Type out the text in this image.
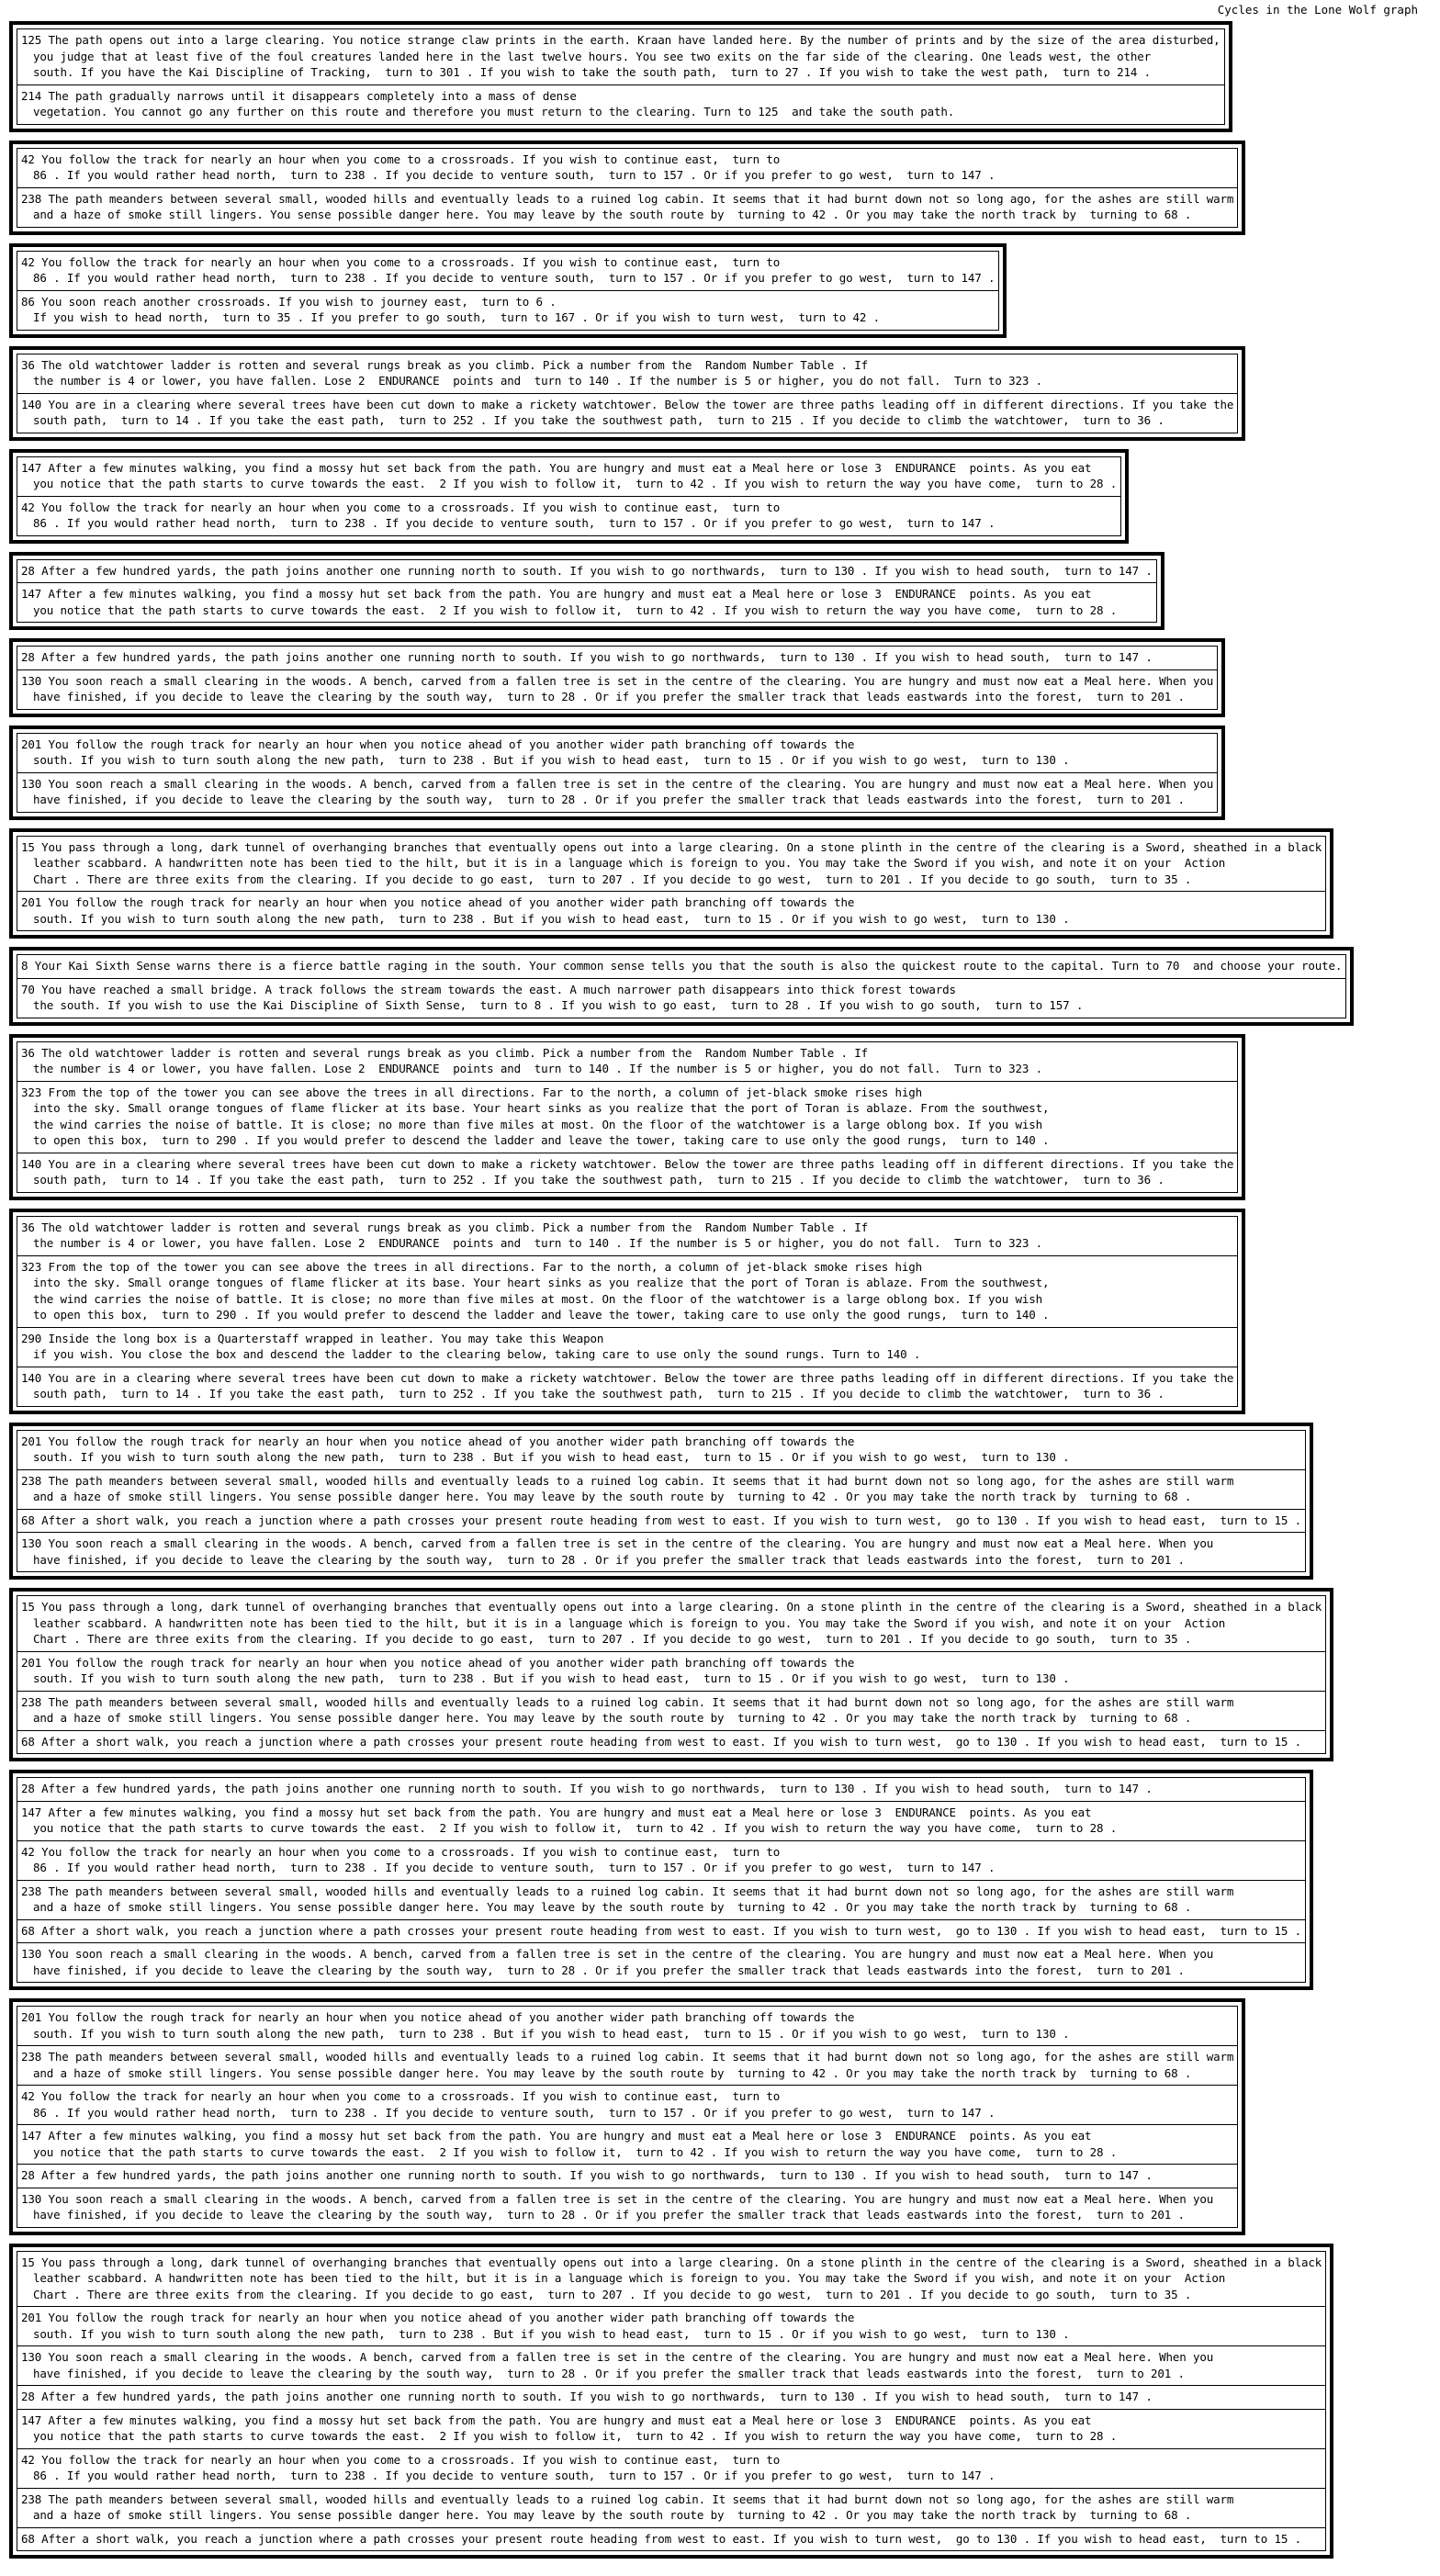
Cycles in the Lone Wolf graph
125 The path opens out into a large clearing. You notice strange claw prints in the earth. Kraan have landed here. By the number of prints and by the size of the area disturbed,
you judge that at least five of the foul creatures landed here in the last twelve hours. You see two exits on the far side of the clearing. One leads west, the other
south. If you have the Kai Discipline of Tracking,  turn to 301 . If you wish to take the south path,  turn to 27 . If you wish to take the west path,  turn to 214 .
214 The path gradually narrows until it disappears completely into a mass of dense
vegetation. You cannot go any further on this route and therefore you must return to the clearing. Turn to 125  and take the south path.
42 You follow the track for nearly an hour when you come to a crossroads. If you wish to continue east,  turn to
86 . If you would rather head north,  turn to 238 . If you decide to venture south,  turn to 157 . Or if you prefer to go west,  turn to 147 .
238 The path meanders between several small, wooded hills and eventually leads to a ruined log cabin. It seems that it had burnt down not so long ago, for the ashes are still warm
and a haze of smoke still lingers. You sense possible danger here. You may leave by the south route by  turning to 42 . Or you may take the north track by  turning to 68 .
42 You follow the track for nearly an hour when you come to a crossroads. If you wish to continue east,  turn to
86 . If you would rather head north,  turn to 238 . If you decide to venture south,  turn to 157 . Or if you prefer to go west,  turn to 147 .
86 You soon reach another crossroads. If you wish to journey east,  turn to 6 .
If you wish to head north,  turn to 35 . If you prefer to go south,  turn to 167 . Or if you wish to turn west,  turn to 42 .
36 The old watchtower ladder is rotten and several rungs break as you climb. Pick a number from the  Random Number Table . If
the number is 4 or lower, you have fallen. Lose 2  ENDURANCE  points and  turn to 140 . If the number is 5 or higher, you do not fall.  Turn to 323 .
140 You are in a clearing where several trees have been cut down to make a rickety watchtower. Below the tower are three paths leading off in different directions. If you take the
south path,  turn to 14 . If you take the east path,  turn to 252 . If you take the southwest path,  turn to 215 . If you decide to climb the watchtower,  turn to 36 .
147 After a few minutes walking, you find a mossy hut set back from the path. You are hungry and must eat a Meal here or lose 3  ENDURANCE  points. As you eat
you notice that the path starts to curve towards the east.  2 If you wish to follow it,  turn to 42 . If you wish to return the way you have come,  turn to 28 .
42 You follow the track for nearly an hour when you come to a crossroads. If you wish to continue east,  turn to
86 . If you would rather head north,  turn to 238 . If you decide to venture south,  turn to 157 . Or if you prefer to go west,  turn to 147 .
28 After a few hundred yards, the path joins another one running north to south. If you wish to go northwards,  turn to 130 . If you wish to head south,  turn to 147 .
147 After a few minutes walking, you find a mossy hut set back from the path. You are hungry and must eat a Meal here or lose 3  ENDURANCE  points. As you eat
you notice that the path starts to curve towards the east.  2 If you wish to follow it,  turn to 42 . If you wish to return the way you have come,  turn to 28 .
28 After a few hundred yards, the path joins another one running north to south. If you wish to go northwards,  turn to 130 . If you wish to head south,  turn to 147 .
130 You soon reach a small clearing in the woods. A bench, carved from a fallen tree is set in the centre of the clearing. You are hungry and must now eat a Meal here. When you
have finished, if you decide to leave the clearing by the south way,  turn to 28 . Or if you prefer the smaller track that leads eastwards into the forest,  turn to 201 .
201 You follow the rough track for nearly an hour when you notice ahead of you another wider path branching off towards the
south. If you wish to turn south along the new path,  turn to 238 . But if you wish to head east,  turn to 15 . Or if you wish to go west,  turn to 130 .
130 You soon reach a small clearing in the woods. A bench, carved from a fallen tree is set in the centre of the clearing. You are hungry and must now eat a Meal here. When you
have finished, if you decide to leave the clearing by the south way,  turn to 28 . Or if you prefer the smaller track that leads eastwards into the forest,  turn to 201 .
15 You pass through a long, dark tunnel of overhanging branches that eventually opens out into a large clearing. On a stone plinth in the centre of the clearing is a Sword, sheathed in a black
leather scabbard. A handwritten note has been tied to the hilt, but it is in a language which is foreign to you. You may take the Sword if you wish, and note it on your  Action
Chart . There are three exits from the clearing. If you decide to go east,  turn to 207 . If you decide to go west,  turn to 201 . If you decide to go south,  turn to 35 .
201 You follow the rough track for nearly an hour when you notice ahead of you another wider path branching off towards the
south. If you wish to turn south along the new path,  turn to 238 . But if you wish to head east,  turn to 15 . Or if you wish to go west,  turn to 130 .
8 Your Kai Sixth Sense warns there is a fierce battle raging in the south. Your common sense tells you that the south is also the quickest route to the capital. Turn to 70  and choose your route.
70 You have reached a small bridge. A track follows the stream towards the east. A much narrower path disappears into thick forest towards
the south. If you wish to use the Kai Discipline of Sixth Sense,  turn to 8 . If you wish to go east,  turn to 28 . If you wish to go south,  turn to 157 .
36 The old watchtower ladder is rotten and several rungs break as you climb. Pick a number from the  Random Number Table . If
the number is 4 or lower, you have fallen. Lose 2  ENDURANCE  points and  turn to 140 . If the number is 5 or higher, you do not fall.  Turn to 323 .
323 From the top of the tower you can see above the trees in all directions. Far to the north, a column of jet-black smoke rises high
into the sky. Small orange tongues of flame flicker at its base. Your heart sinks as you realize that the port of Toran is ablaze. From the southwest,
the wind carries the noise of battle. It is close; no more than five miles at most. On the floor of the watchtower is a large oblong box. If you wish
to open this box,  turn to 290 . If you would prefer to descend the ladder and leave the tower, taking care to use only the good rungs,  turn to 140 .
140 You are in a clearing where several trees have been cut down to make a rickety watchtower. Below the tower are three paths leading off in different directions. If you take the
south path,  turn to 14 . If you take the east path,  turn to 252 . If you take the southwest path,  turn to 215 . If you decide to climb the watchtower,  turn to 36 .
36 The old watchtower ladder is rotten and several rungs break as you climb. Pick a number from the  Random Number Table . If
the number is 4 or lower, you have fallen. Lose 2  ENDURANCE  points and  turn to 140 . If the number is 5 or higher, you do not fall.  Turn to 323 .
323 From the top of the tower you can see above the trees in all directions. Far to the north, a column of jet-black smoke rises high
into the sky. Small orange tongues of flame flicker at its base. Your heart sinks as you realize that the port of Toran is ablaze. From the southwest,
the wind carries the noise of battle. It is close; no more than five miles at most. On the floor of the watchtower is a large oblong box. If you wish
to open this box,  turn to 290 . If you would prefer to descend the ladder and leave the tower, taking care to use only the good rungs,  turn to 140 .
290 Inside the long box is a Quarterstaff wrapped in leather. You may take this Weapon
if you wish. You close the box and descend the ladder to the clearing below, taking care to use only the sound rungs. Turn to 140 .
140 You are in a clearing where several trees have been cut down to make a rickety watchtower. Below the tower are three paths leading off in different directions. If you take the
south path,  turn to 14 . If you take the east path,  turn to 252 . If you take the southwest path,  turn to 215 . If you decide to climb the watchtower,  turn to 36 .
201 You follow the rough track for nearly an hour when you notice ahead of you another wider path branching off towards the
south. If you wish to turn south along the new path,  turn to 238 . But if you wish to head east,  turn to 15 . Or if you wish to go west,  turn to 130 .
238 The path meanders between several small, wooded hills and eventually leads to a ruined log cabin. It seems that it had burnt down not so long ago, for the ashes are still warm
and a haze of smoke still lingers. You sense possible danger here. You may leave by the south route by  turning to 42 . Or you may take the north track by  turning to 68 .
68 After a short walk, you reach a junction where a path crosses your present route heading from west to east. If you wish to turn west,  go to 130 . If you wish to head east,  turn to 15 .
130 You soon reach a small clearing in the woods. A bench, carved from a fallen tree is set in the centre of the clearing. You are hungry and must now eat a Meal here. When you
have finished, if you decide to leave the clearing by the south way,  turn to 28 . Or if you prefer the smaller track that leads eastwards into the forest,  turn to 201 .
15 You pass through a long, dark tunnel of overhanging branches that eventually opens out into a large clearing. On a stone plinth in the centre of the clearing is a Sword, sheathed in a black
leather scabbard. A handwritten note has been tied to the hilt, but it is in a language which is foreign to you. You may take the Sword if you wish, and note it on your  Action
Chart . There are three exits from the clearing. If you decide to go east,  turn to 207 . If you decide to go west,  turn to 201 . If you decide to go south,  turn to 35 .
201 You follow the rough track for nearly an hour when you notice ahead of you another wider path branching off towards the
south. If you wish to turn south along the new path,  turn to 238 . But if you wish to head east,  turn to 15 . Or if you wish to go west,  turn to 130 .
238 The path meanders between several small, wooded hills and eventually leads to a ruined log cabin. It seems that it had burnt down not so long ago, for the ashes are still warm
and a haze of smoke still lingers. You sense possible danger here. You may leave by the south route by  turning to 42 . Or you may take the north track by  turning to 68 .
68 After a short walk, you reach a junction where a path crosses your present route heading from west to east. If you wish to turn west,  go to 130 . If you wish to head east,  turn to 15 .
28 After a few hundred yards, the path joins another one running north to south. If you wish to go northwards,  turn to 130 . If you wish to head south,  turn to 147 .
147 After a few minutes walking, you find a mossy hut set back from the path. You are hungry and must eat a Meal here or lose 3  ENDURANCE  points. As you eat
you notice that the path starts to curve towards the east.  2 If you wish to follow it,  turn to 42 . If you wish to return the way you have come,  turn to 28 .
42 You follow the track for nearly an hour when you come to a crossroads. If you wish to continue east,  turn to
86 . If you would rather head north,  turn to 238 . If you decide to venture south,  turn to 157 . Or if you prefer to go west,  turn to 147 .
238 The path meanders between several small, wooded hills and eventually leads to a ruined log cabin. It seems that it had burnt down not so long ago, for the ashes are still warm
and a haze of smoke still lingers. You sense possible danger here. You may leave by the south route by  turning to 42 . Or you may take the north track by  turning to 68 .
68 After a short walk, you reach a junction where a path crosses your present route heading from west to east. If you wish to turn west,  go to 130 . If you wish to head east,  turn to 15 .
130 You soon reach a small clearing in the woods. A bench, carved from a fallen tree is set in the centre of the clearing. You are hungry and must now eat a Meal here. When you
have finished, if you decide to leave the clearing by the south way,  turn to 28 . Or if you prefer the smaller track that leads eastwards into the forest,  turn to 201 .
201 You follow the rough track for nearly an hour when you notice ahead of you another wider path branching off towards the
south. If you wish to turn south along the new path,  turn to 238 . But if you wish to head east,  turn to 15 . Or if you wish to go west,  turn to 130 .
238 The path meanders between several small, wooded hills and eventually leads to a ruined log cabin. It seems that it had burnt down not so long ago, for the ashes are still warm
and a haze of smoke still lingers. You sense possible danger here. You may leave by the south route by  turning to 42 . Or you may take the north track by  turning to 68 .
42 You follow the track for nearly an hour when you come to a crossroads. If you wish to continue east,  turn to
86 . If you would rather head north,  turn to 238 . If you decide to venture south,  turn to 157 . Or if you prefer to go west,  turn to 147 .
147 After a few minutes walking, you find a mossy hut set back from the path. You are hungry and must eat a Meal here or lose 3  ENDURANCE  points. As you eat
you notice that the path starts to curve towards the east.  2 If you wish to follow it,  turn to 42 . If you wish to return the way you have come,  turn to 28 .
28 After a few hundred yards, the path joins another one running north to south. If you wish to go northwards,  turn to 130 . If you wish to head south,  turn to 147 .
130 You soon reach a small clearing in the woods. A bench, carved from a fallen tree is set in the centre of the clearing. You are hungry and must now eat a Meal here. When you
have finished, if you decide to leave the clearing by the south way,  turn to 28 . Or if you prefer the smaller track that leads eastwards into the forest,  turn to 201 .
15 You pass through a long, dark tunnel of overhanging branches that eventually opens out into a large clearing. On a stone plinth in the centre of the clearing is a Sword, sheathed in a black
leather scabbard. A handwritten note has been tied to the hilt, but it is in a language which is foreign to you. You may take the Sword if you wish, and note it on your  Action
Chart . There are three exits from the clearing. If you decide to go east,  turn to 207 . If you decide to go west,  turn to 201 . If you decide to go south,  turn to 35 .
201 You follow the rough track for nearly an hour when you notice ahead of you another wider path branching off towards the
south. If you wish to turn south along the new path,  turn to 238 . But if you wish to head east,  turn to 15 . Or if you wish to go west,  turn to 130 .
130 You soon reach a small clearing in the woods. A bench, carved from a fallen tree is set in the centre of the clearing. You are hungry and must now eat a Meal here. When you
have finished, if you decide to leave the clearing by the south way,  turn to 28 . Or if you prefer the smaller track that leads eastwards into the forest,  turn to 201 .
28 After a few hundred yards, the path joins another one running north to south. If you wish to go northwards,  turn to 130 . If you wish to head south,  turn to 147 .
147 After a few minutes walking, you find a mossy hut set back from the path. You are hungry and must eat a Meal here or lose 3  ENDURANCE  points. As you eat
you notice that the path starts to curve towards the east.  2 If you wish to follow it,  turn to 42 . If you wish to return the way you have come,  turn to 28 .
42 You follow the track for nearly an hour when you come to a crossroads. If you wish to continue east,  turn to
86 . If you would rather head north,  turn to 238 . If you decide to venture south,  turn to 157 . Or if you prefer to go west,  turn to 147 .
238 The path meanders between several small, wooded hills and eventually leads to a ruined log cabin. It seems that it had burnt down not so long ago, for the ashes are still warm
and a haze of smoke still lingers. You sense possible danger here. You may leave by the south route by  turning to 42 . Or you may take the north track by  turning to 68 .
68 After a short walk, you reach a junction where a path crosses your present route heading from west to east. If you wish to turn west,  go to 130 . If you wish to head east,  turn to 15 .
